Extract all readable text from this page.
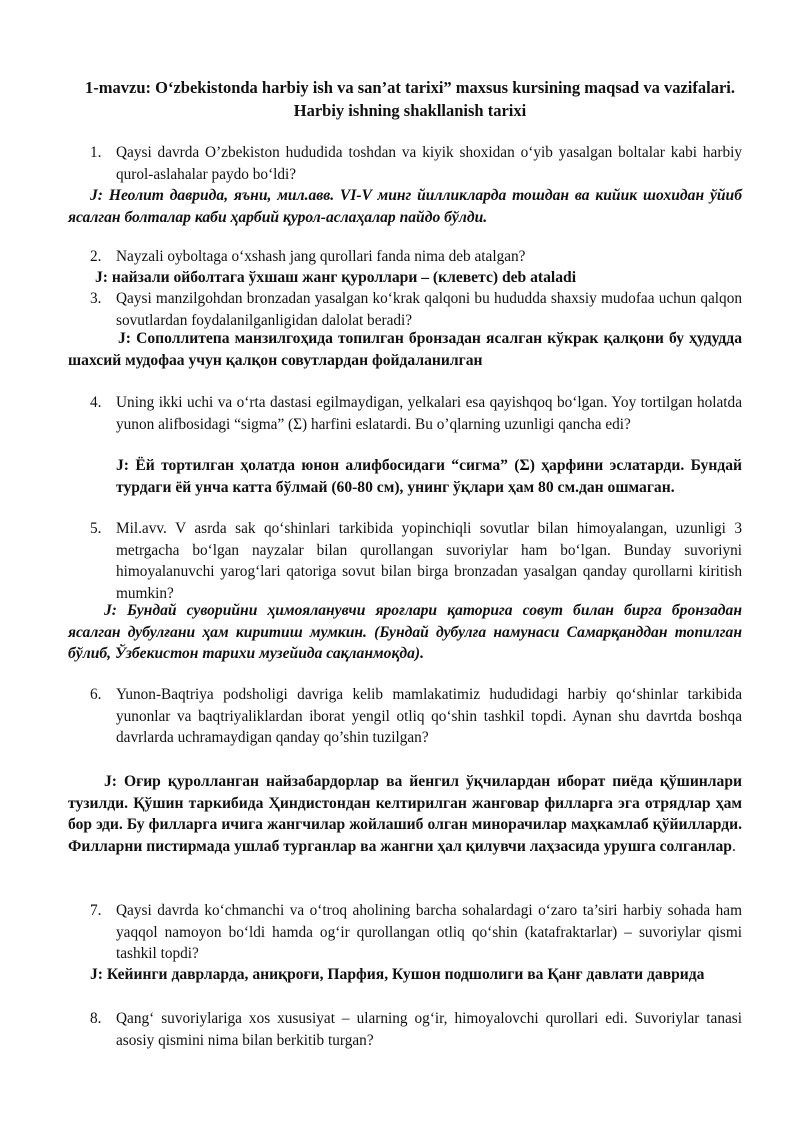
1-mavzu: O‘zbekistonda harbiy ish va san’at tarixi” maxsus kursining maqsad va vazifalari. Harbiy ishning shakllanish tarixi
1. Qaysi davrda O’zbekiston hududida toshdan va kiyik shoxidan o‘yib yasalgan boltalar kabi harbiy qurol-aslahalar paydo bo‘ldi?

J: Неолит даврида, яъни, мил.авв. VI-V минг йилликларда тошдан ва кийик шохидан ўйиб ясалган болталар каби ҳарбий қурол-аслаҳалар пайдо бўлди.

2. Nayzali oyboltaga o‘xshash jang qurollari fanda nima deb atalgan?

J: найзали ойболтага ўхшаш жанг қуроллари – (клевeтс) deb ataladi

3. Qaysi manzilgohdan bronzadan yasalgan ko‘krak qalqoni bu hududda shaxsiy mudofaa uchun qalqon sovutlardan foydalanilganligidan dalolat beradi?

J: Сополлитепа манзилгоҳида топилган бронзадан ясалган кўкрак қалқони бу ҳудудда шахсий мудофаа учун қалқон совутлардан фойдаланилган

4. Uning ikki uchi va o‘rta dastasi egilmaydigan, yelkalari esa qayishqoq bo‘lgan. Yoy tortilgan holatda yunon alifbosidagi “sigma” (Σ) harfini eslatardi. Bu o’qlarning uzunligi qancha edi?

J: Ёй тортилган ҳолатда юнон алифбосидаги “сигма” (Σ) ҳарфини эслатарди. Бундай турдаги ёй унча катта бўлмай (60-80 см), унинг ўқлари ҳам 80 см.дан ошмаган.

5. Mil.avv. V asrda sak qo‘shinlari tarkibida yopinchiqli sovutlar bilan himoyalangan, uzunligi 3 metrgacha bo‘lgan nayzalar bilan qurollangan suvoriylar ham bo‘lgan. Bunday suvoriyni himoyalanuvchi yarog‘lari qatoriga sovut bilan birga bronzadan yasalgan qanday qurollarni kiritish mumkin?

J: Бундай суворийни ҳимояланувчи яроғлари қаторига совут билан бирга бронзадан ясалган дубулғани ҳам киритиш мумкин. (Бундай дубулға намунаси Самарқанддан топилган бўлиб, Ўзбекистон тарихи музейида сақланмоқда).

6. Yunon-Baqtriya podsholigi davriga kelib mamlakatimiz hududidagi harbiy qo‘shinlar tarkibida yunonlar va baqtriyaliklardan iborat yengil otliq qo‘shin tashkil topdi. Aynan shu davrtda boshqa davrlarda uchramaydigan qanday qo’shin tuzilgan?

J: Оғир қуролланган найзабардорлар ва йенгил ўқчилардан иборат пиёда қўшинлари тузилди. Қўшин таркибида Ҳиндистондан келтирилган жанговар филларга эга отрядлар ҳам бор эди. Бу филларга ичига жангчилар жойлашиб олган минорачилар маҳкамлаб қўйилларди. Филларни пистирмада ушлаб турганлар ва жангни ҳал қилувчи лаҳзасида урушга солганлар.

7. Qaysi davrda ko‘chmanchi va o‘troq aholining barcha sohalardagi o‘zaro ta’siri harbiy sohada ham yaqqol namoyon bo‘ldi hamda og‘ir qurollangan otliq qo‘shin (katafraktarlar) – suvoriylar qismi tashkil topdi?

J: Кейинги даврларда, аниқроғи, Парфия, Кушон подшолиги ва Қанғ давлати даврида

8. Qang‘ suvoriylariga xos xususiyat – ularning og‘ir, himoyalovchi qurollari edi. Suvoriylar tanasi asosiy qismini nima bilan berkitib turgan?
